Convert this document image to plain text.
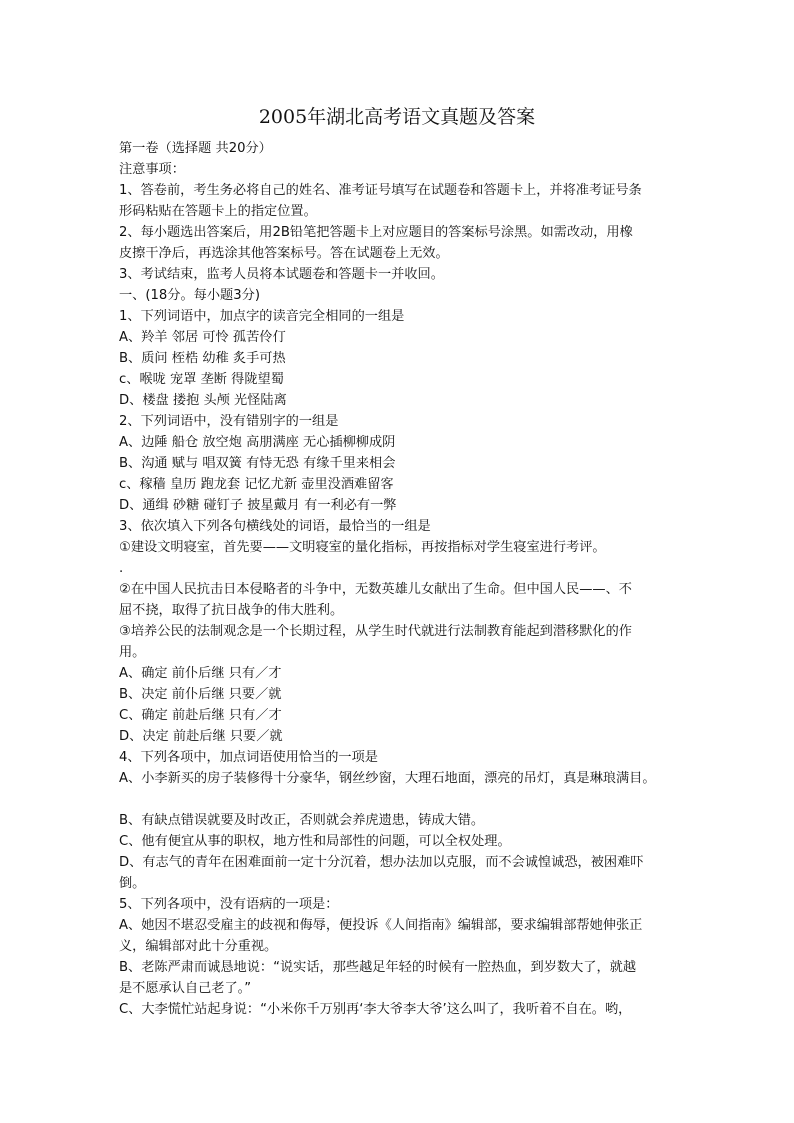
2005年湖北高考语文真题及答案
第一卷（选择题 共20分）
注意事项：
1、答卷前，考生务必将自己的姓名、准考证号填写在试题卷和答题卡上，并将准考证号条
形码粘贴在答题卡上的指定位置。
2、每小题选出答案后，用2B铅笔把答题卡上对应题目的答案标号涂黑。如需改动，用橡
皮擦干净后，再选涂其他答案标号。答在试题卷上无效。
3、考试结束，监考人员将本试题卷和答题卡一并收回。
一、(18分。每小题3分)
1、下列词语中，加点字的读音完全相同的一组是
A、羚羊 邻居 可怜 孤苦伶仃
B、质问 桎梏 幼稚 炙手可热
c、喉咙 宠罩 垄断 得陇望蜀
D、楼盘 搂抱 头颅 光怪陆离
2、下列词语中，没有错别字的一组是
A、边陲 船仓 放空炮 高朋满座 无心插柳柳成阴
B、沟通 赋与 唱双簧 有恃无恐 有缘千里来相会
c、稼穑 皇历 跑龙套 记忆尤新 壶里没酒难留客
D、通缉 砂糖 碰钉子 披星戴月 有一利必有一弊
3、依次填入下列各句横线处的词语，最恰当的一组是
①建设文明寝室，首先要——文明寝室的量化指标，再按指标对学生寝室进行考评。
.
②在中国人民抗击日本侵略者的斗争中，无数英雄儿女献出了生命。但中国人民——、不
屈不挠，取得了抗日战争的伟大胜利。
③培养公民的法制观念是一个长期过程，从学生时代就进行法制教育能起到潜移默化的作
用。
A、确定 前仆后继 只有／才
B、决定 前仆后继 只要／就
C、确定 前赴后继 只有／才
D、决定 前赴后继 只要／就
4、下列各项中，加点词语使用恰当的一项是
A、小李新买的房子装修得十分豪华，钢丝纱窗，大理石地面，漂亮的吊灯，真是琳琅满目。
B、有缺点错误就要及时改正，否则就会养虎遗患，铸成大错。
C、他有便宜从事的职权，地方性和局部性的问题，可以全权处理。
D、有志气的青年在困难面前一定十分沉着，想办法加以克服，而不会诚惶诚恐，被困难吓
倒。
5、下列各项中，没有语病的一项是：
A、她因不堪忍受雇主的歧视和侮辱，便投诉《人间指南》编辑部，要求编辑部帮她伸张正
义，编辑部对此十分重视。
B、老陈严肃而诚恳地说：“说实话，那些越足年轻的时候有一腔热血，到岁数大了，就越
是不愿承认自己老了。”
C、大李慌忙站起身说：“小米你千万别再‘李大爷李大爷’这么叫了，我听着不自在。哟，
